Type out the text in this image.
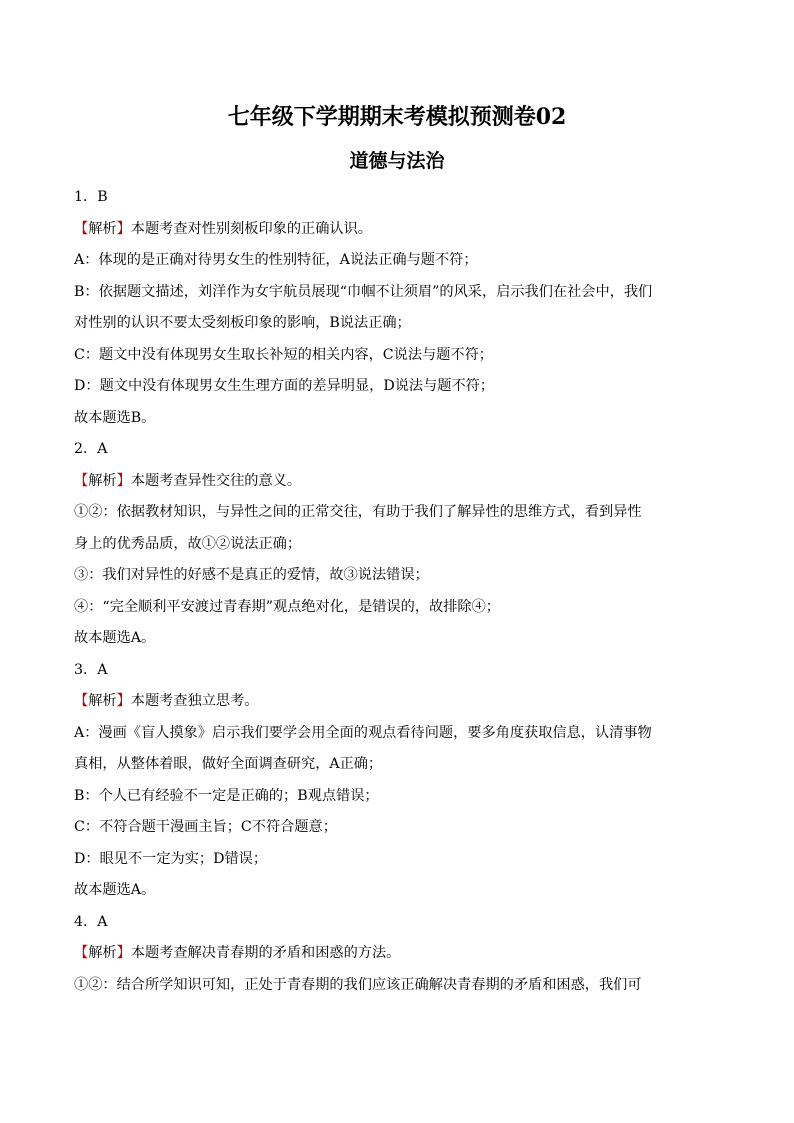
七年级下学期期末考模拟预测卷02
道德与法治
1．B
【解析】本题考查对性别刻板印象的正确认识。
A：体现的是正确对待男女生的性别特征，A说法正确与题不符；
B：依据题文描述，刘洋作为女宇航员展现“巾帼不让须眉”的风采，启示我们在社会中，我们
对性别的认识不要太受刻板印象的影响，B说法正确；
C：题文中没有体现男女生取长补短的相关内容，C说法与题不符；
D：题文中没有体现男女生生理方面的差异明显，D说法与题不符；
故本题选B。
2．A
【解析】本题考查异性交往的意义。
①②：依据教材知识，与异性之间的正常交往，有助于我们了解异性的思维方式，看到异性
身上的优秀品质，故①②说法正确；
③：我们对异性的好感不是真正的爱情，故③说法错误；
④：“完全顺利平安渡过青春期”观点绝对化，是错误的，故排除④；
故本题选A。
3．A
【解析】本题考查独立思考。
A：漫画《盲人摸象》启示我们要学会用全面的观点看待问题，要多角度获取信息，认清事物
真相，从整体着眼，做好全面调查研究，A正确；
B：个人已有经验不一定是正确的；B观点错误；
C：不符合题干漫画主旨；C不符合题意；
D：眼见不一定为实；D错误；
故本题选A。
4．A
【解析】本题考查解决青春期的矛盾和困惑的方法。
①②：结合所学知识可知，正处于青春期的我们应该正确解决青春期的矛盾和困惑，我们可
